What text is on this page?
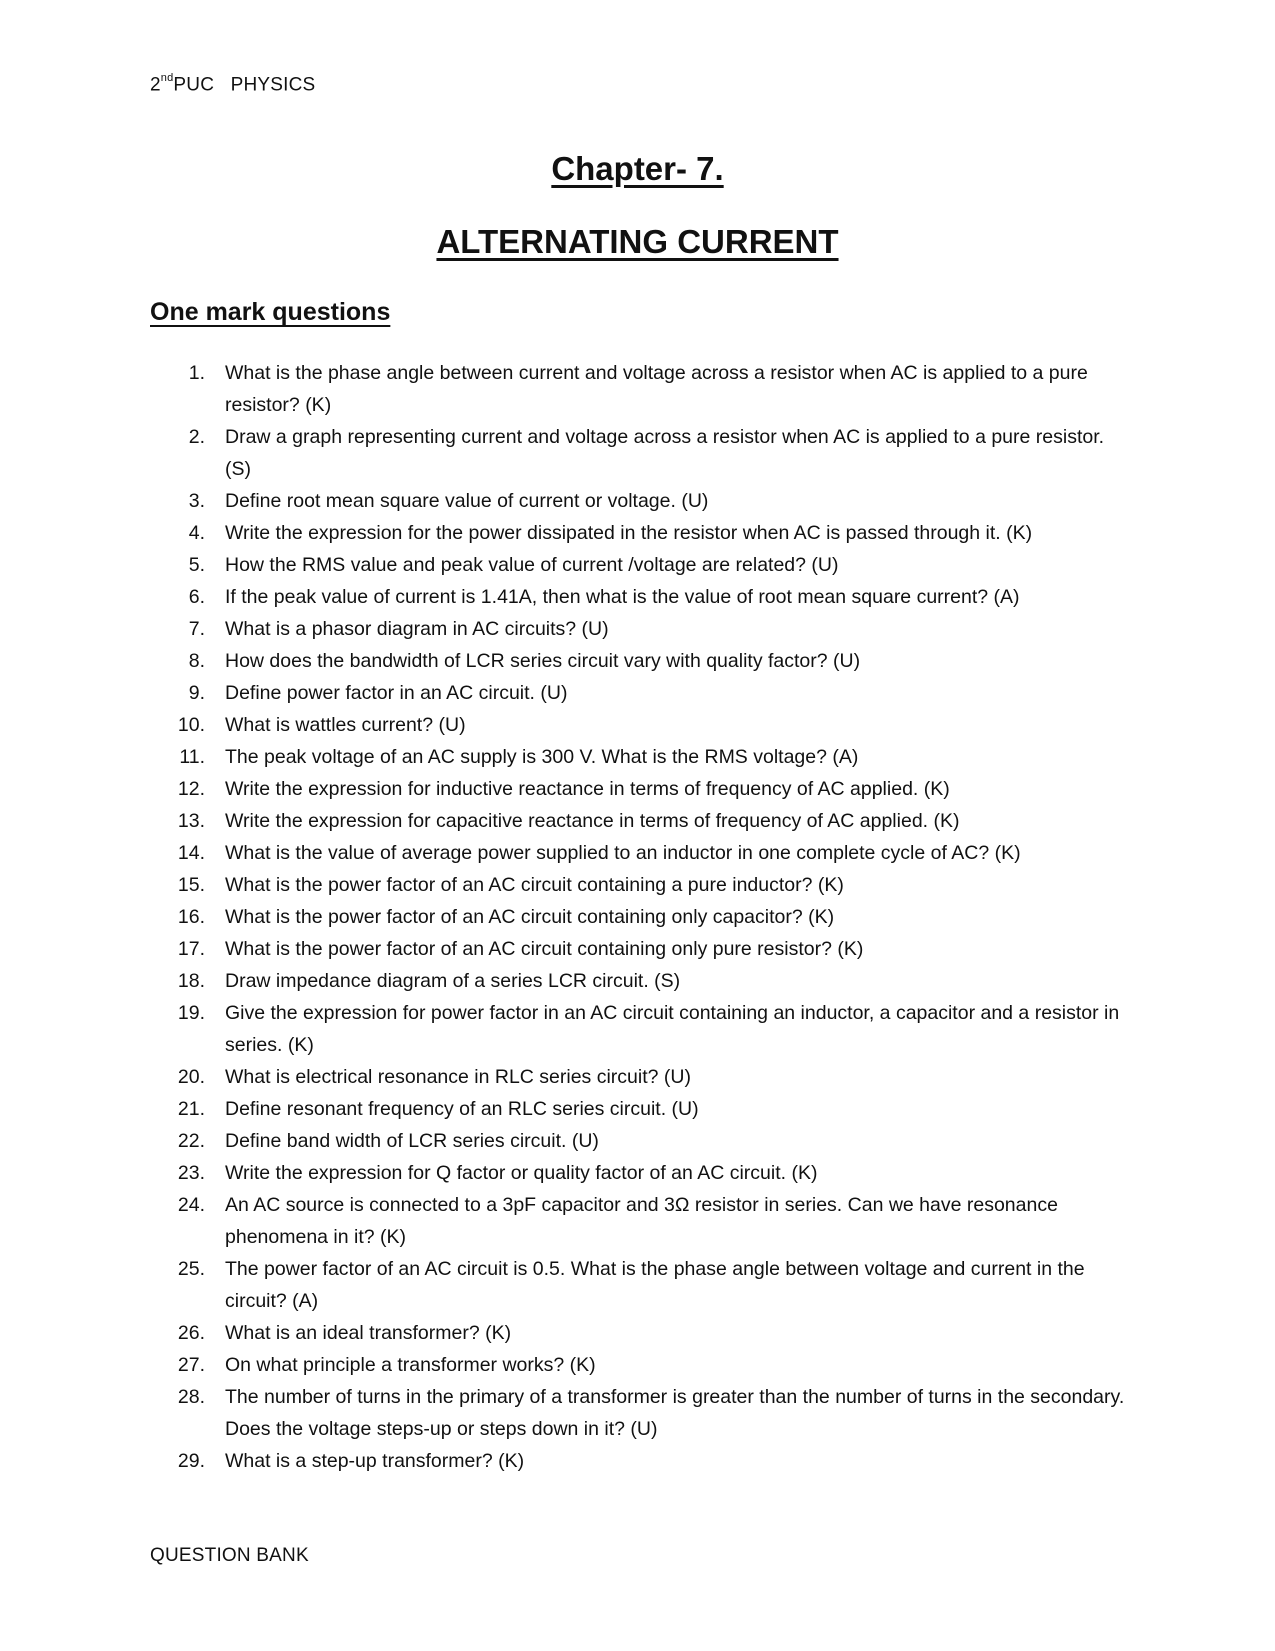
2ndPUC   PHYSICS
Chapter- 7.
ALTERNATING CURRENT
One mark questions
1. What is the phase angle between current and voltage across a resistor when AC is applied to a pure resistor? (K)
2. Draw a graph representing current and voltage across a resistor when AC is applied to a pure resistor. (S)
3. Define root mean square value of current or voltage. (U)
4. Write the expression for the power dissipated in the resistor when AC is passed through it. (K)
5. How the RMS value and peak value of current /voltage are related? (U)
6. If the peak value of current is 1.41A, then what is the value of root mean square current? (A)
7. What is a phasor diagram in AC circuits? (U)
8. How does the bandwidth of LCR series circuit vary with quality factor? (U)
9. Define power factor in an AC circuit. (U)
10. What is wattles current? (U)
11. The peak voltage of an AC supply is 300 V. What is the RMS voltage? (A)
12. Write the expression for inductive reactance in terms of frequency of AC applied. (K)
13. Write the expression for capacitive reactance in terms of frequency of AC applied. (K)
14. What is the value of average power supplied to an inductor in one complete cycle of AC? (K)
15. What is the power factor of an AC circuit containing a pure inductor? (K)
16. What is the power factor of an AC circuit containing only capacitor? (K)
17. What is the power factor of an AC circuit containing only pure resistor? (K)
18. Draw impedance diagram of a series LCR circuit. (S)
19. Give the expression for power factor in an AC circuit containing an inductor, a capacitor and a resistor in series. (K)
20. What is electrical resonance in RLC series circuit? (U)
21. Define resonant frequency of an RLC series circuit. (U)
22. Define band width of LCR series circuit. (U)
23. Write the expression for Q factor or quality factor of an AC circuit. (K)
24. An AC source is connected to a 3pF capacitor and 3Ω resistor in series. Can we have resonance phenomena in it? (K)
25. The power factor of an AC circuit is 0.5. What is the phase angle between voltage and current in the circuit? (A)
26. What is an ideal transformer? (K)
27. On what principle a transformer works? (K)
28. The number of turns in the primary of a transformer is greater than the number of turns in the secondary. Does the voltage steps-up or steps down in it? (U)
29. What is a step-up transformer? (K)
QUESTION BANK
